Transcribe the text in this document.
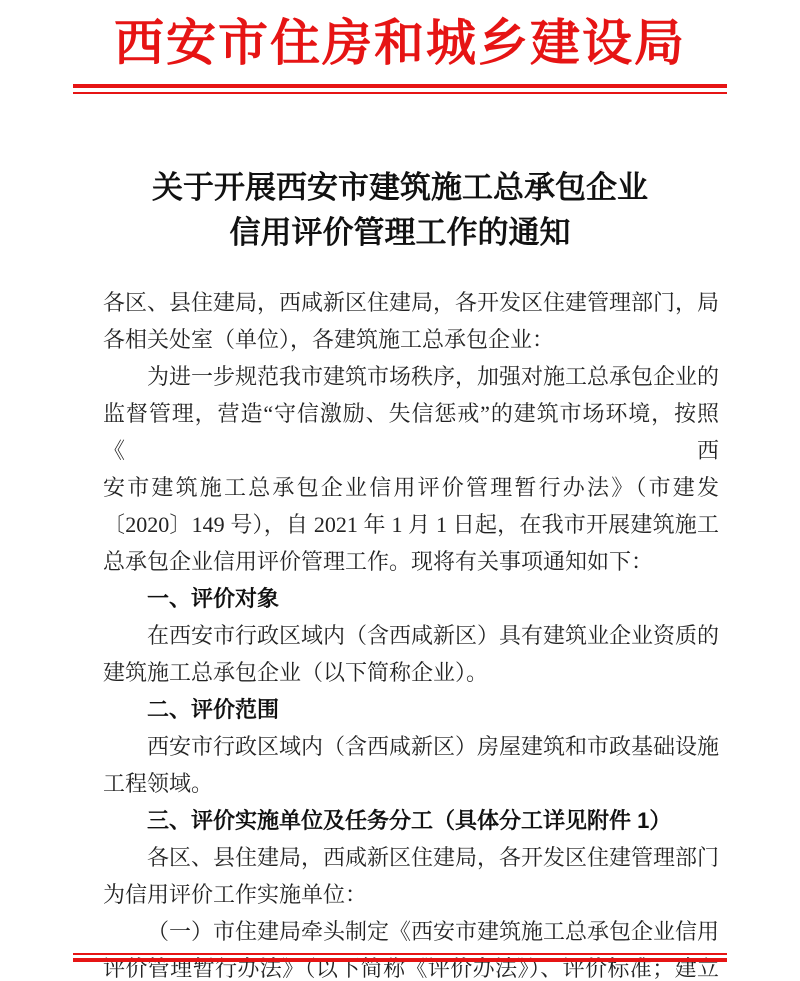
西安市住房和城乡建设局
关于开展西安市建筑施工总承包企业
信用评价管理工作的通知
各区、县住建局，西咸新区住建局，各开发区住建管理部门，局
各相关处室（单位），各建筑施工总承包企业：
为进一步规范我市建筑市场秩序，加强对施工总承包企业的
监督管理，营造“守信激励、失信惩戒”的建筑市场环境，按照《西
安市建筑施工总承包企业信用评价管理暂行办法》（市建发
〔2020〕149 号），自 2021 年 1 月 1 日起，在我市开展建筑施工
总承包企业信用评价管理工作。现将有关事项通知如下：
一、评价对象
在西安市行政区域内（含西咸新区）具有建筑业企业资质的
建筑施工总承包企业（以下简称企业）。
二、评价范围
西安市行政区域内（含西咸新区）房屋建筑和市政基础设施
工程领域。
三、评价实施单位及任务分工（具体分工详见附件 1）
各区、县住建局，西咸新区住建局，各开发区住建管理部门
为信用评价工作实施单位：
（一）市住建局牵头制定《西安市建筑施工总承包企业信用
评价管理暂行办法》（以下简称《评价办法》）、评价标准；建立
